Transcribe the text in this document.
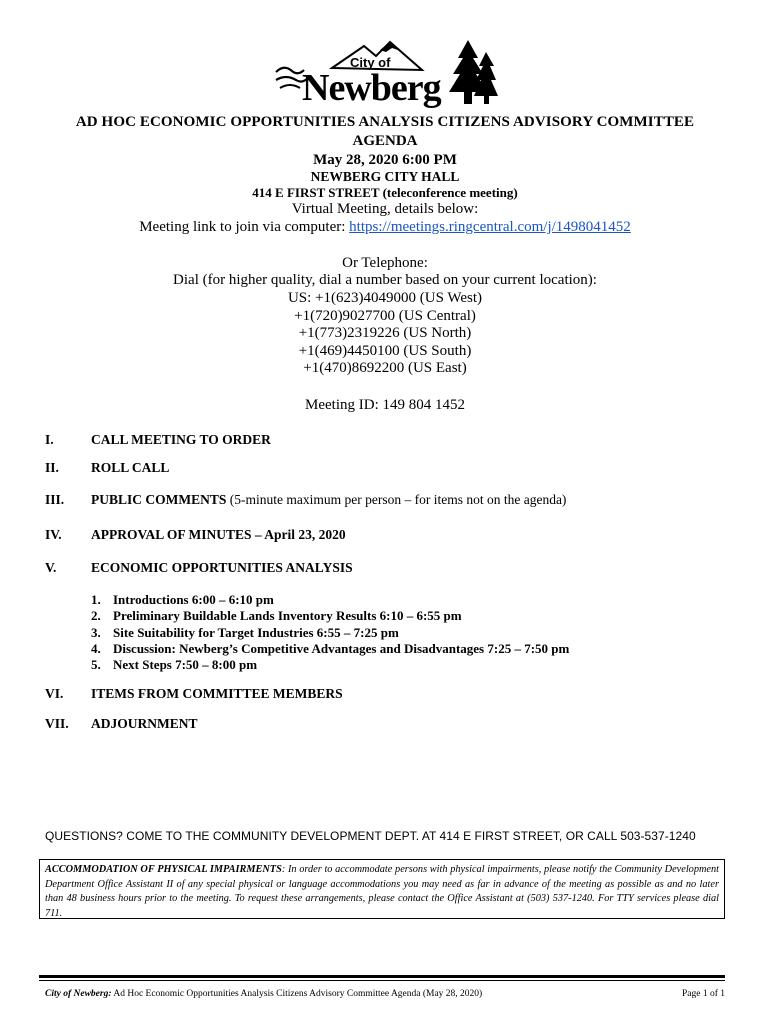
City of
Newberg
AD HOC ECONOMIC OPPORTUNITIES ANALYSIS CITIZENS ADVISORY COMMITTEE
AGENDA
May 28, 2020 6:00 PM
NEWBERG CITY HALL
414 E FIRST STREET (teleconference meeting)
Virtual Meeting, details below:
Meeting link to join via computer: https://meetings.ringcentral.com/j/1498041452
Or Telephone:
Dial (for higher quality, dial a number based on your current location):
US: +1(623)4049000 (US West)
+1(720)9027700 (US Central)
+1(773)2319226 (US North)
+1(469)4450100 (US South)
+1(470)8692200 (US East)
Meeting ID: 149 804 1452
I.	CALL MEETING TO ORDER
II. ROLL CALL
III. PUBLIC COMMENTS (5-minute maximum per person – for items not on the agenda)
IV. APPROVAL OF MINUTES – April 23, 2020
V.	ECONOMIC OPPORTUNITIES ANALYSIS
1. Introductions 6:00 – 6:10 pm
2. Preliminary Buildable Lands Inventory Results 6:10 – 6:55 pm
3. Site Suitability for Target Industries 6:55 – 7:25 pm
4. Discussion: Newberg’s Competitive Advantages and Disadvantages 7:25 – 7:50 pm
5. Next Steps 7:50 – 8:00 pm
VI. ITEMS FROM COMMITTEE MEMBERS
VII. ADJOURNMENT
QUESTIONS? COME TO THE COMMUNITY DEVELOPMENT DEPT. AT 414 E FIRST STREET, OR CALL 503-537-1240
ACCOMMODATION OF PHYSICAL IMPAIRMENTS: In order to accommodate persons with physical impairments, please notify the Community Development Department Office Assistant II of any special physical or language accommodations you may need as far in advance of the meeting as possible as and no later than 48 business hours prior to the meeting. To request these arrangements, please contact the Office Assistant at (503) 537-1240. For TTY services please dial 711.
City of Newberg: Ad Hoc Economic Opportunities Analysis Citizens Advisory Committee Agenda (May 28, 2020)	Page 1 of 1
